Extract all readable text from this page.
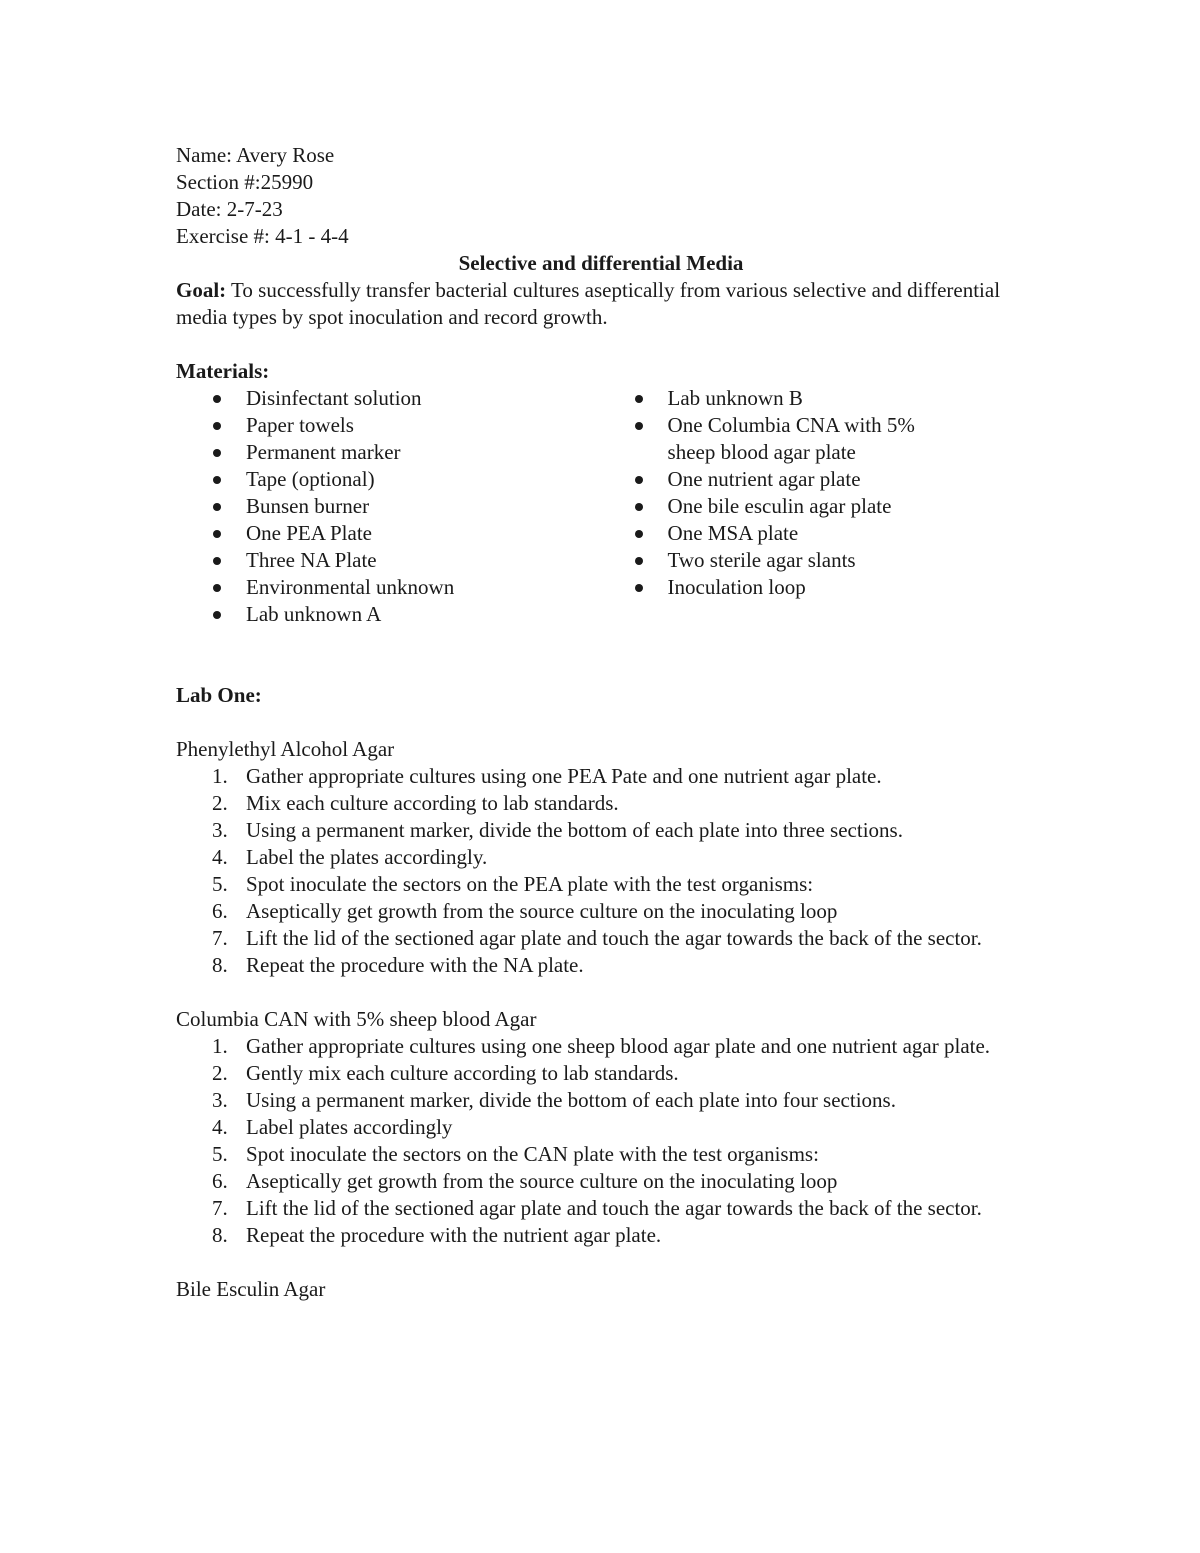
Name: Avery Rose

Section #:25990

Date: 2-7-23

Exercise #: 4-1 - 4-4

Selective and differential Media

Goal: To successfully transfer bacterial cultures aseptically from various selective and differential media types by spot inoculation and record growth.

Materials:

Disinfectant solution
Paper towels
Permanent marker
Tape (optional)
Bunsen burner
One PEA Plate
Three NA Plate
Environmental unknown
Lab unknown A
Lab unknown B
One Columbia CNA with 5% sheep blood agar plate
One nutrient agar plate
One bile esculin agar plate
One MSA plate
Two sterile agar slants
Inoculation loop

Lab One:

Phenylethyl Alcohol Agar

1. Gather appropriate cultures using one PEA Pate and one nutrient agar plate.
2. Mix each culture according to lab standards.
3. Using a permanent marker, divide the bottom of each plate into three sections.
4. Label the plates accordingly.
5. Spot inoculate the sectors on the PEA plate with the test organisms:
6. Aseptically get growth from the source culture on the inoculating loop
7. Lift the lid of the sectioned agar plate and touch the agar towards the back of the sector.
8. Repeat the procedure with the NA plate.

Columbia CAN with 5% sheep blood Agar

1. Gather appropriate cultures using one sheep blood agar plate and one nutrient agar plate.
2. Gently mix each culture according to lab standards.
3. Using a permanent marker, divide the bottom of each plate into four sections.
4. Label plates accordingly
5. Spot inoculate the sectors on the CAN plate with the test organisms:
6. Aseptically get growth from the source culture on the inoculating loop
7. Lift the lid of the sectioned agar plate and touch the agar towards the back of the sector.
8. Repeat the procedure with the nutrient agar plate.

Bile Esculin Agar
